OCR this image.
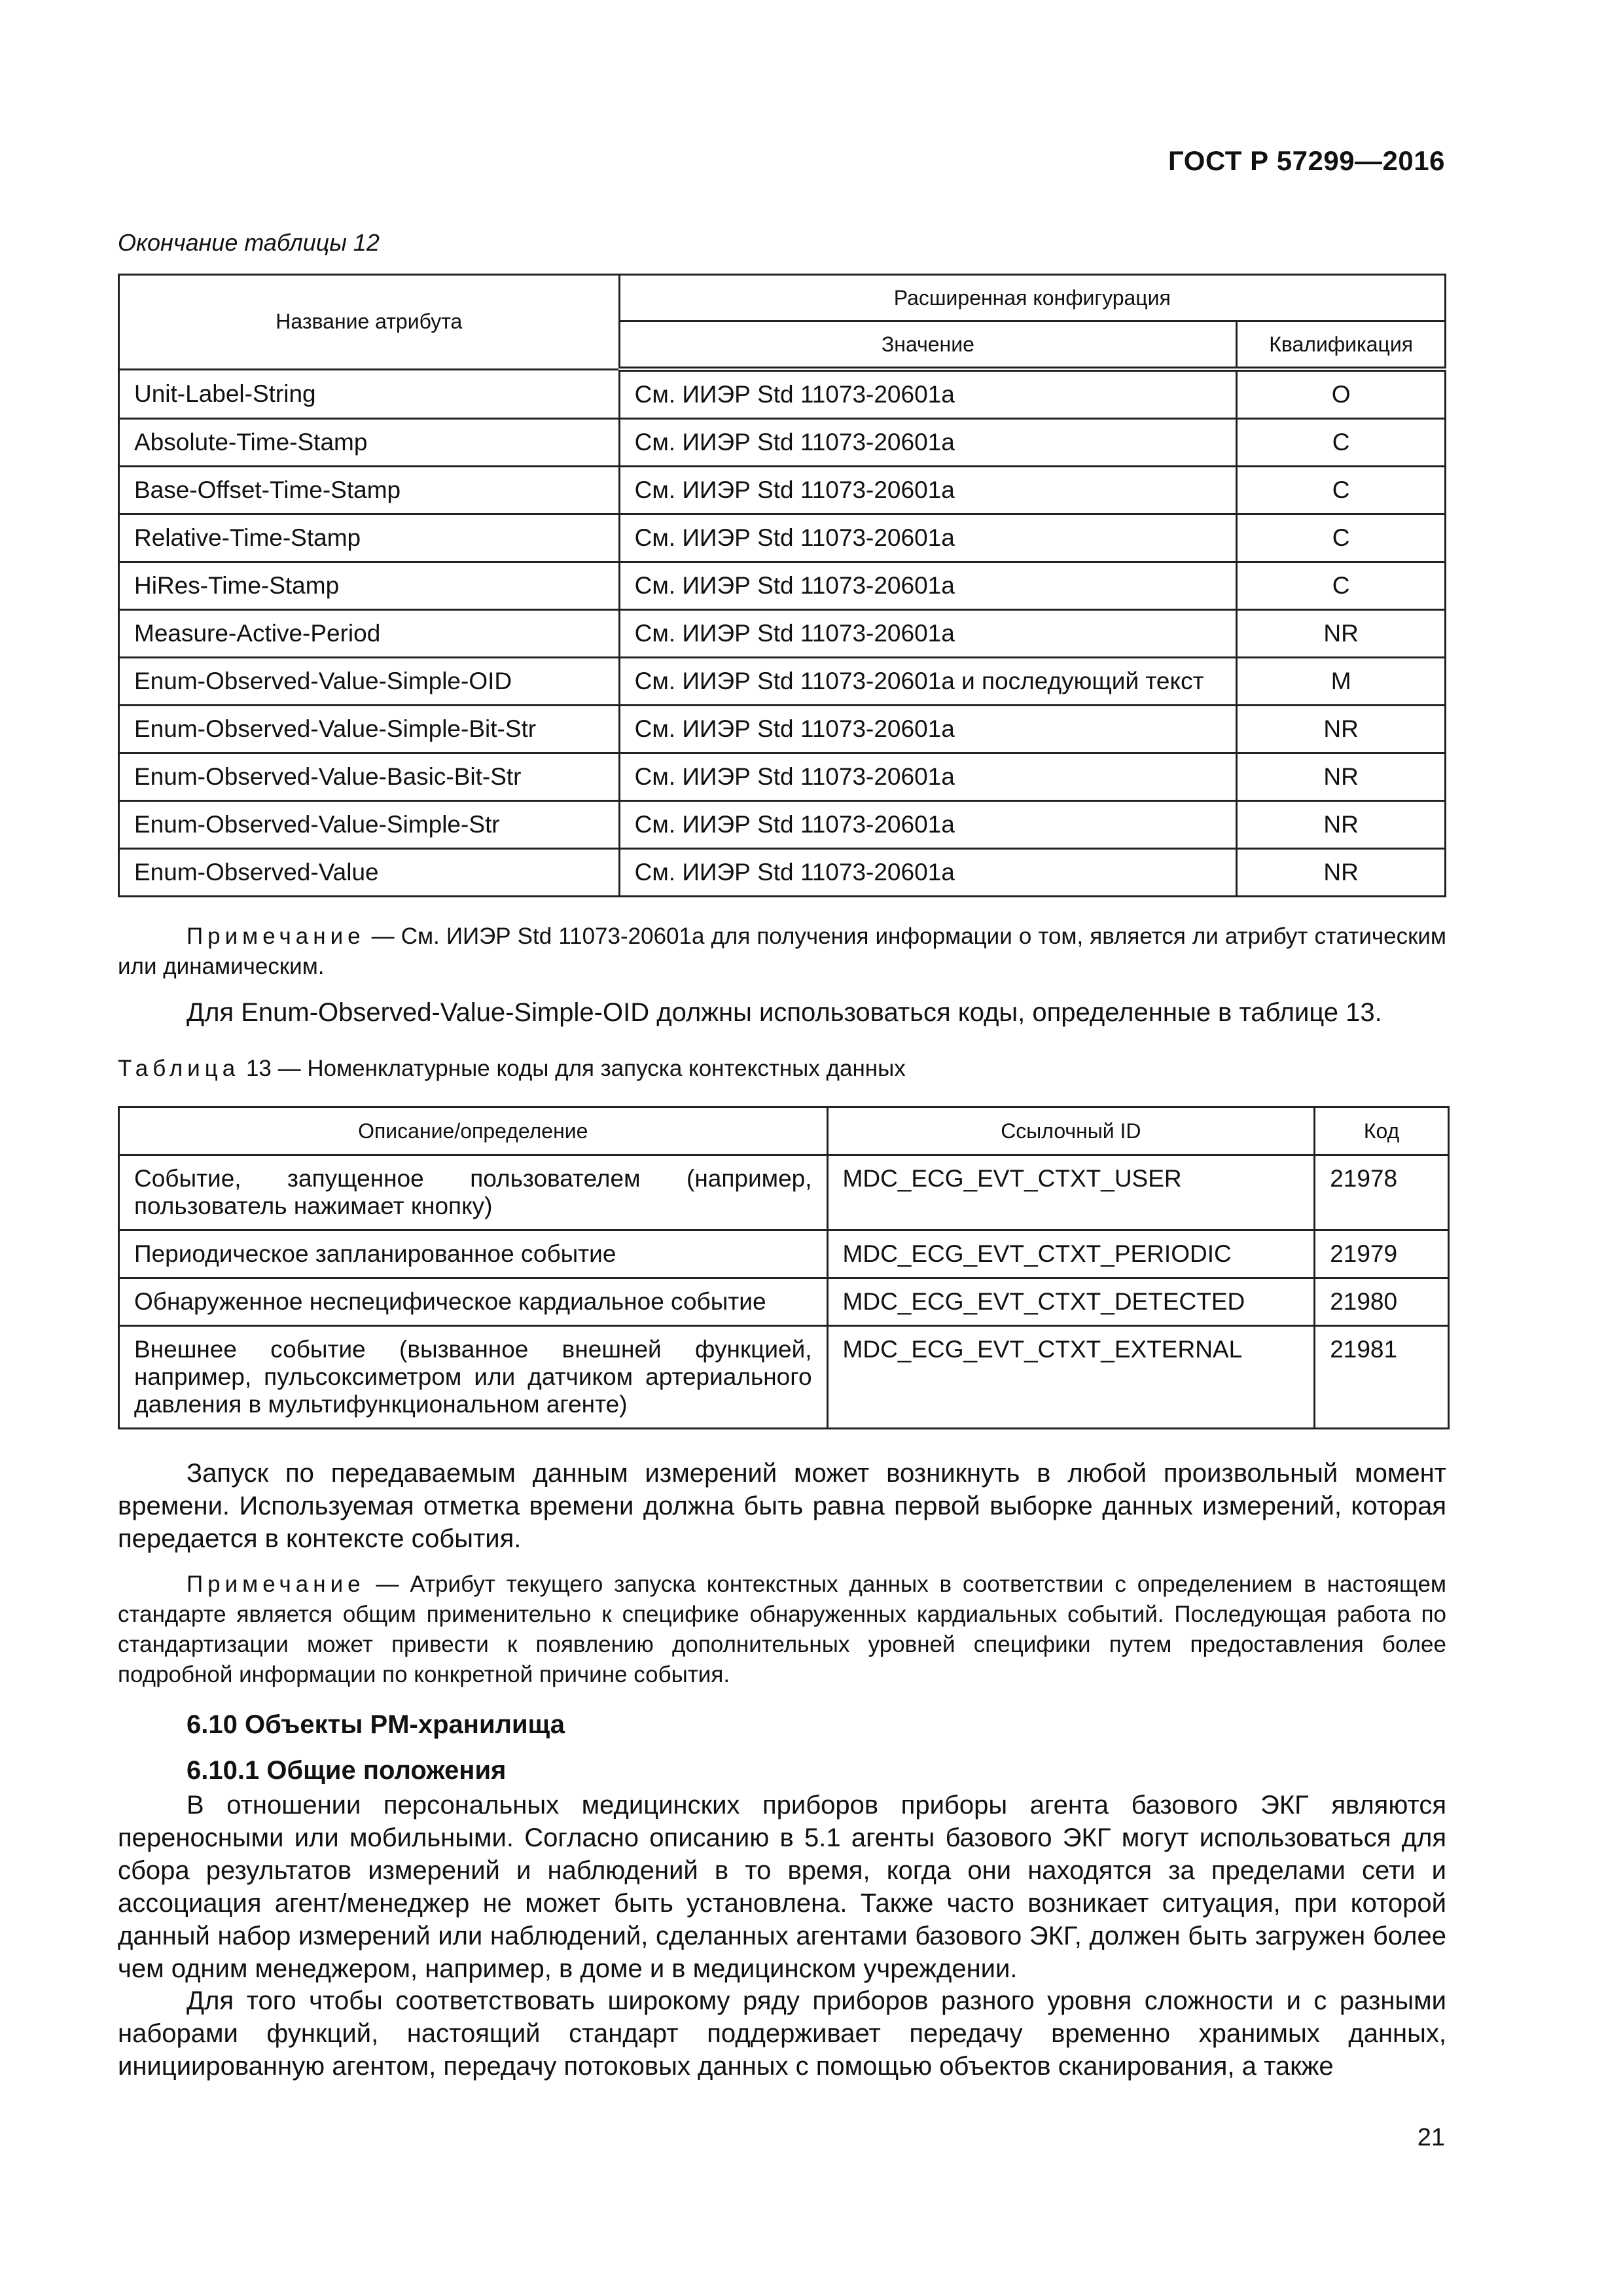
ГОСТ Р 57299—2016
Окончание таблицы 12
Название атрибута	Расширенная конфигурация	
	Значение	Квалификация
Unit-Label-String	См. ИИЭР Std 11073-20601а	O
Absolute-Time-Stamp	См. ИИЭР Std 11073-20601а	C
Base-Offset-Time-Stamp	См. ИИЭР Std 11073-20601а	C
Relative-Time-Stamp	См. ИИЭР Std 11073-20601а	C
HiRes-Time-Stamp	См. ИИЭР Std 11073-20601а	C
Measure-Active-Period	См. ИИЭР Std 11073-20601а	NR
Enum-Observed-Value-Simple-OID	См. ИИЭР Std 11073-20601а и последующий текст	M
Enum-Observed-Value-Simple-Bit-Str	См. ИИЭР Std 11073-20601а	NR
Enum-Observed-Value-Basic-Bit-Str	См. ИИЭР Std 11073-20601а	NR
Enum-Observed-Value-Simple-Str	См. ИИЭР Std 11073-20601а	NR
Enum-Observed-Value	См. ИИЭР Std 11073-20601а	NR
Примечание — См. ИИЭР Std 11073-20601а для получения информации о том, является ли атрибут статическим или динамическим.
Для Enum-Observed-Value-Simple-OID должны использоваться коды, определенные в таблице 13.
Таблица 13 — Номенклатурные коды для запуска контекстных данных
Описание/определение	Ссылочный ID	Код
Событие, запущенное пользователем (например, пользователь нажимает кнопку)	MDC_ECG_EVT_CTXT_USER	21978
Периодическое запланированное событие	MDC_ECG_EVT_CTXT_PERIODIC	21979
Обнаруженное неспецифическое кардиальное событие	MDC_ECG_EVT_CTXT_DETECTED	21980
Внешнее событие (вызванное внешней функцией, например, пульсоксиметром или датчиком артериального давления в мультифункциональном агенте)	MDC_ECG_EVT_CTXT_EXTERNAL	21981
Запуск по передаваемым данным измерений может возникнуть в любой произвольный момент времени. Используемая отметка времени должна быть равна первой выборке данных измерений, которая передается в контексте события.
Примечание — Атрибут текущего запуска контекстных данных в соответствии с определением в настоящем стандарте является общим применительно к специфике обнаруженных кардиальных событий. Последующая работа по стандартизации может привести к появлению дополнительных уровней специфики путем предоставления более подробной информации по конкретной причине события.
6.10 Объекты PM-хранилища
6.10.1 Общие положения
В отношении персональных медицинских приборов приборы агента базового ЭКГ являются переносными или мобильными. Согласно описанию в 5.1 агенты базового ЭКГ могут использоваться для сбора результатов измерений и наблюдений в то время, когда они находятся за пределами сети и ассоциация агент/менеджер не может быть установлена. Также часто возникает ситуация, при которой данный набор измерений или наблюдений, сделанных агентами базового ЭКГ, должен быть загружен более чем одним менеджером, например, в доме и в медицинском учреждении.
Для того чтобы соответствовать широкому ряду приборов разного уровня сложности и с разными наборами функций, настоящий стандарт поддерживает передачу временно хранимых данных, инициированную агентом, передачу потоковых данных с помощью объектов сканирования, а также
21
